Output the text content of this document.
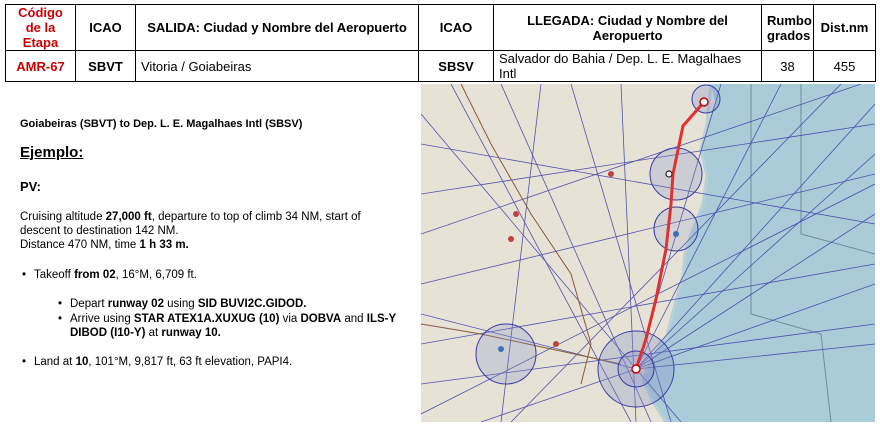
Código de la Etapa	ICAO	SALIDA: Ciudad y Nombre del Aeropuerto	ICAO	LLEGADA: Ciudad y Nombre del Aeropuerto	Rumbo grados	Dist.nm
AMR-67	SBVT	Vitoria / Goiabeiras	SBSV	Salvador do Bahia / Dep. L. E. Magalhaes Intl	38	455
Goiabeiras (SBVT) to Dep. L. E. Magalhaes Intl (SBSV)
Ejemplo:
PV:
Cruising altitude 27,000 ft, departure to top of climb 34 NM, start of descent to destination 142 NM.
Distance 470 NM, time 1 h 33 m.
• Takeoff from 02, 16°M, 6,709 ft.
• Depart runway 02 using SID BUVI2C.GIDOD.
• Arrive using STAR ATEX1A.XUXUG (10) via DOBVA and ILS-Y DIBOD (I10-Y) at runway 10.
• Land at 10, 101°M, 9,817 ft, 63 ft elevation, PAPI4.
